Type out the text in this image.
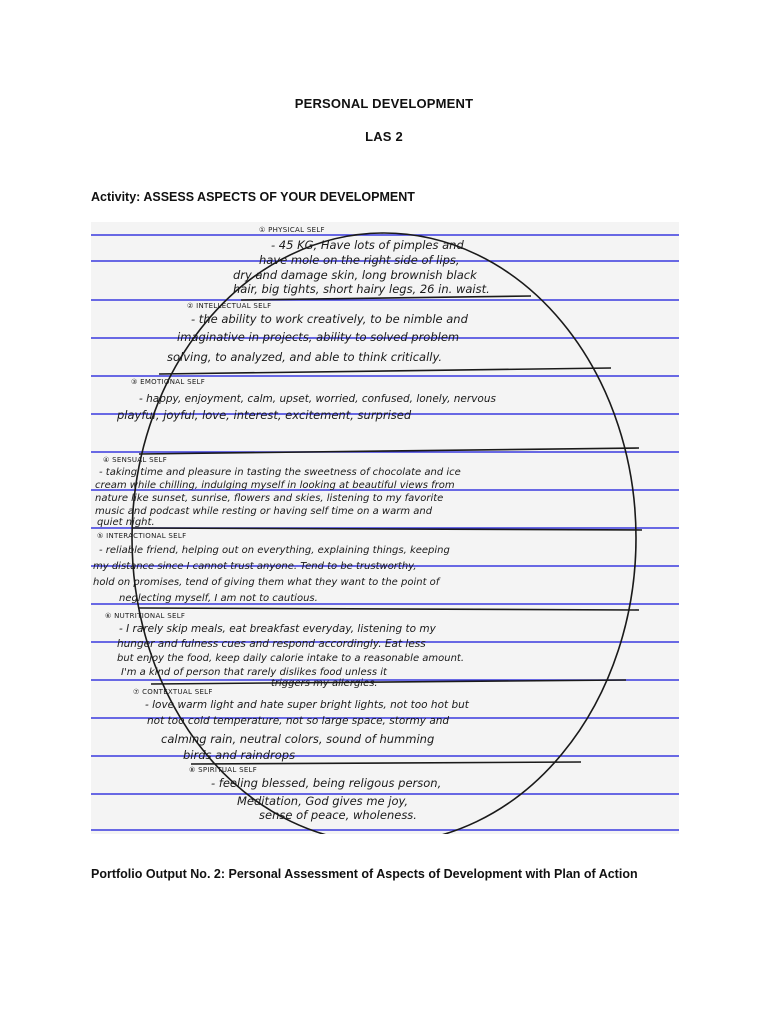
PERSONAL DEVELOPMENT
LAS 2
Activity: ASSESS ASPECTS OF YOUR DEVELOPMENT
① PHYSICAL SELF
- 45 KG, Have lots of pimples and
have mole on the right side of lips,
dry and damage skin, long brownish black
hair, big tights, short hairy legs, 26 in. waist.
② INTELLECTUAL SELF
- the ability to work creatively, to be nimble and
imaginative in projects, ability to solved problem
solving, to analyzed, and able to think critically.
③ EMOTIONAL SELF
- happy, enjoyment, calm, upset, worried, confused, lonely, nervous
playful, joyful, love, interest, excitement, surprised
④ SENSUAL SELF
- taking time and pleasure in tasting the sweetness of chocolate and ice
cream while chilling, indulging myself in looking at beautiful views from
nature like sunset, sunrise, flowers and skies, listening to my favorite
music and podcast while resting or having self time on a warm and
quiet night.
⑤ INTERACTIONAL SELF
- reliable friend, helping out on everything, explaining things, keeping
my distance since I cannot trust anyone. Tend to be trustworthy,
hold on promises, tend of giving them what they want to the point of
neglecting myself, I am not to cautious.
⑥ NUTRITIONAL SELF
- I rarely skip meals, eat breakfast everyday, listening to my
hunger and fulness cues and respond accordingly. Eat less
but enjoy the food, keep daily calorie intake to a reasonable amount.
I'm a kind of person that rarely dislikes food unless it
triggers my allergies.
⑦ CONTEXTUAL SELF
- love warm light and hate super bright lights, not too hot but
not too cold temperature, not so large space, stormy and
calming rain, neutral colors, sound of humming
birds and raindrops
⑧ SPIRITUAL SELF
- feeling blessed, being religous person,
Meditation, God gives me joy,
sense of peace, wholeness.
Portfolio Output No. 2: Personal Assessment of Aspects of Development with Plan of Action
